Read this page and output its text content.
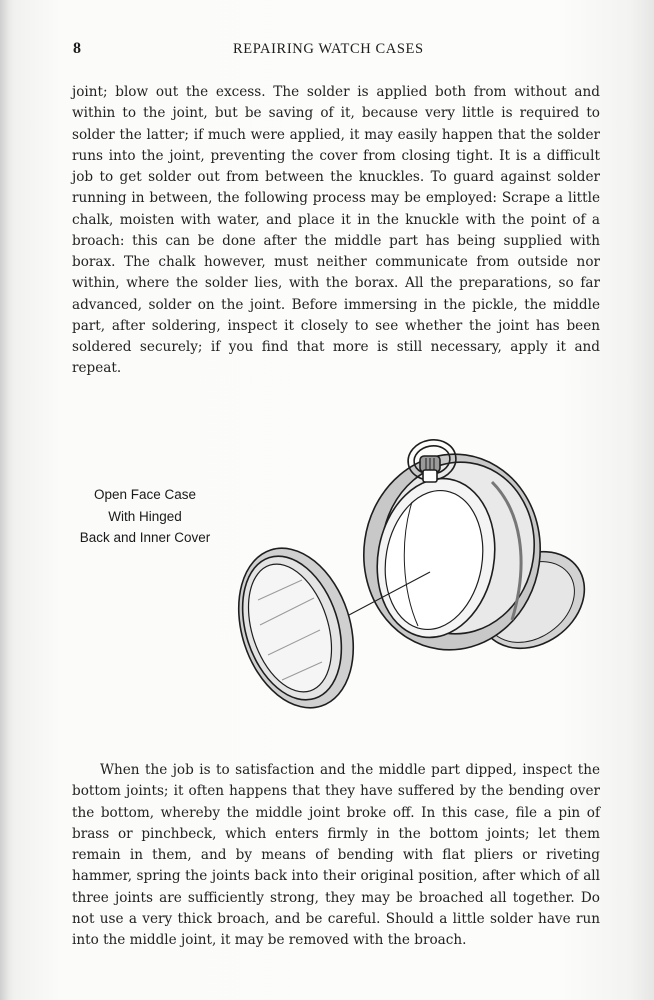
8	REPAIRING WATCH CASES

joint; blow out the excess. The solder is applied both from without and within to the joint, but be saving of it, because very little is required to solder the latter; if much were applied, it may easily happen that the solder runs into the joint, preventing the cover from closing tight. It is a difficult job to get solder out from between the knuckles. To guard against solder running in between, the following process may be employed: Scrape a little chalk, moisten with water, and place it in the knuckle with the point of a broach: this can be done after the middle part has being supplied with borax. The chalk however, must neither communicate from outside nor within, where the solder lies, with the borax. All the preparations, so far advanced, solder on the joint. Before immersing in the pickle, the middle part, after soldering, inspect it closely to see whether the joint has been soldered securely; if you find that more is still necessary, apply it and repeat.

Open Face Case
With Hinged
Back and Inner Cover

When the job is to satisfaction and the middle part dipped, inspect the bottom joints; it often happens that they have suffered by the bending over the bottom, whereby the middle joint broke off. In this case, file a pin of brass or pinchbeck, which enters firmly in the bottom joints; let them remain in them, and by means of bending with flat pliers or riveting hammer, spring the joints back into their original position, after which of all three joints are sufficiently strong, they may be broached all together. Do not use a very thick broach, and be careful. Should a little solder have run into the middle joint, it may be removed with the broach.
